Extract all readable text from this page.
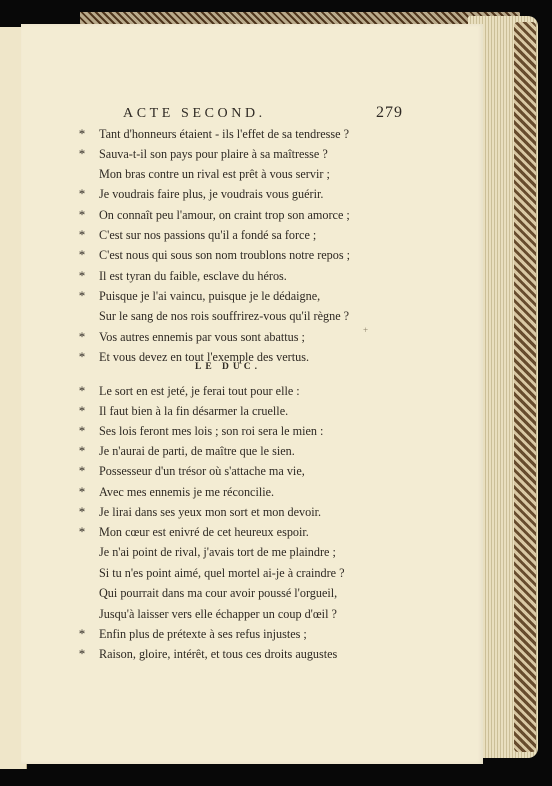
ACTE SECOND.	279
*	Tant d'honneurs étaient - ils l'effet de sa tendresse ?
*	Sauva-t-il son pays pour plaire à sa maîtresse ?
Mon bras contre un rival est prêt à vous servir ;
*	Je voudrais faire plus, je voudrais vous guérir.
*	On connaît peu l'amour, on craint trop son amorce ;
*	C'est sur nos passions qu'il a fondé sa force ;
*	C'est nous qui sous son nom troublons notre repos ;
*	Il est tyran du faible, esclave du héros.
*	Puisque je l'ai vaincu, puisque je le dédaigne,
Sur le sang de nos rois souffrirez-vous qu'il règne ?
*	Vos autres ennemis par vous sont abattus ;
*	Et vous devez en tout l'exemple des vertus.
LE DUC.
*	Le sort en est jeté, je ferai tout pour elle :
*	Il faut bien à la fin désarmer la cruelle.
*	Ses lois feront mes lois ; son roi sera le mien :
*	Je n'aurai de parti, de maître que le sien.
*	Possesseur d'un trésor où s'attache ma vie,
*	Avec mes ennemis je me réconcilie.
*	Je lirai dans ses yeux mon sort et mon devoir.
*	Mon cœur est enivré de cet heureux espoir.
Je n'ai point de rival, j'avais tort de me plaindre ;
Si tu n'es point aimé, quel mortel ai-je à craindre ?
Qui pourrait dans ma cour avoir poussé l'orgueil,
Jusqu'à laisser vers elle échapper un coup d'œil ?
*	Enfin plus de prétexte à ses refus injustes ;
*	Raison, gloire, intérêt, et tous ces droits augustes
+
